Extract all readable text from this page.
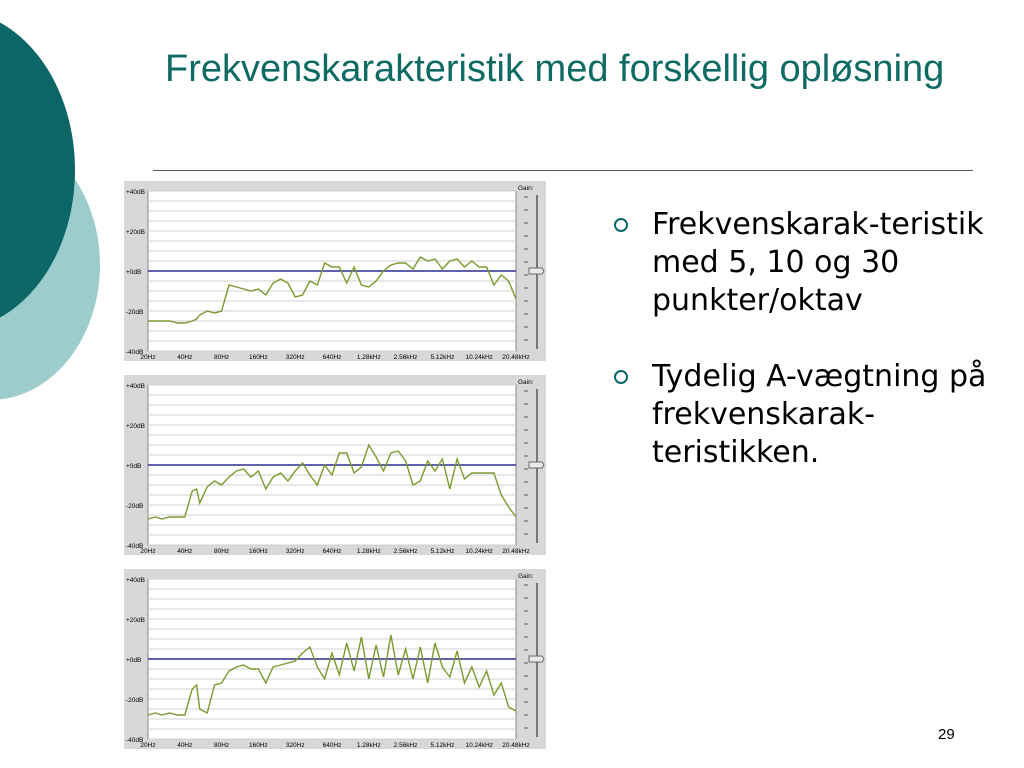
Frekvenskarakteristik med forskellig opløsning
+40dB
+20dB
+0dB
-20dB
-40dB
20Hz	40Hz	80Hz	160Hz	320Hz	640Hz 1.28kHz 2.56kHz 5.12kHz 10.24kHz 20.48kHz
Gain:
+40dB
+20dB
+0dB
-20dB
-40dB
20Hz	40Hz	80Hz	160Hz	320Hz	640Hz 1.28kHz 2.56kHz 5.12kHz 10.24kHz 20.48kHz
Gain:
+40dB
+20dB
+0dB
-20dB
-40dB
20Hz	40Hz	80Hz	160Hz	320Hz	640Hz 1.28kHz 2.56kHz 5.12kHz 10.24kHz 20.48kHz
Gain:
Frekvenskarak-teristik med 5, 10 og 30 punkter/oktav
Tydelig A-vægtning på frekvenskarak-teristikken.
29
